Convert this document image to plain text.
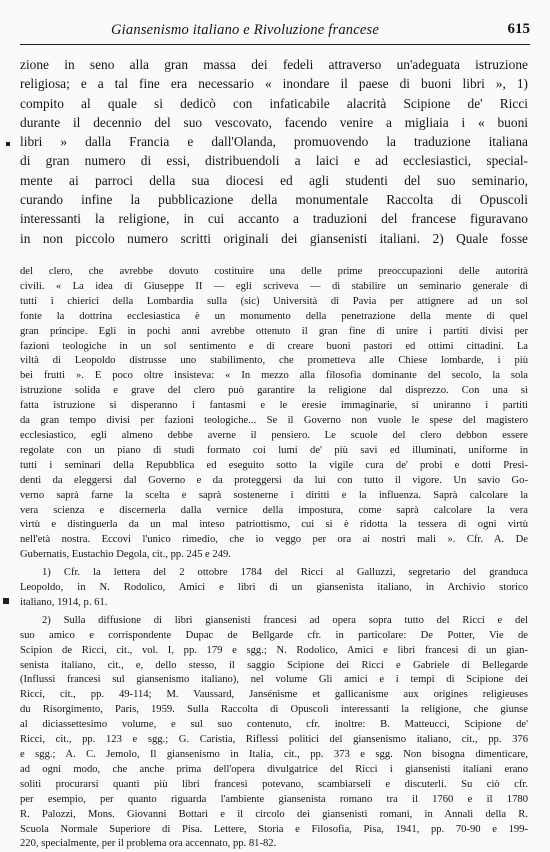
Giansenismo italiano e Rivoluzione francese	615
zione in seno alla gran massa dei fedeli attraverso un'adeguata istruzione
religiosa; e a tal fine era necessario « inondare il paese di buoni libri », 1)
compito al quale si dedicò con infaticabile alacrità Scipione de' Ricci
durante il decennio del suo vescovato, facendo venire a migliaia i « buoni
libri » dalla Francia e dall'Olanda, promuovendo la traduzione italiana
di gran numero di essi, distribuendoli a laici e ad ecclesiastici, special-
mente ai parroci della sua diocesi ed agli studenti del suo seminario,
curando infine la pubblicazione della monumentale Raccolta di Opuscoli
interessanti la religione, in cui accanto a traduzioni del francese figuravano
in non piccolo numero scritti originali dei giansenisti italiani. 2) Quale fosse
del clero, che avrebbe dovuto costituire una delle prime preoccupazioni delle autorità
civili. « La idea di Giuseppe II — egli scriveva — di stabilire un seminario generale di
tutti i chierici della Lombardia sulla (sic) Università di Pavia per attignere ad un sol
fonte la dottrina ecclesiastica è un monumento della penetrazione della mente di quel
gran principe. Egli in pochi anni avrebbe ottenuto il gran fine di unire i partiti divisi per
fazioni teologiche in un sol sentimento e di creare buoni pastori ed ottimi cittadini. La
viltà di Leopoldo distrusse uno stabilimento, che prometteva alle Chiese lombarde, i più
bei frutti ». E poco oltre insisteva: « In mezzo alla filosofia dominante del secolo, la sola
istruzione solida e grave del clero può garantire la religione dal disprezzo. Con una sì
fatta istruzione si disperanno i fantasmi e le eresie immaginarie, si uniranno i partiti
da gran tempo divisi per fazioni teologiche... Se il Governo non vuole le spese del magistero
ecclesiastico, egli almeno debbe averne il pensiero. Le scuole del clero debbon essere
regolate con un piano di studi formato coi lumi de' più savi ed illuminati, uniforme in
tutti i seminari della Repubblica ed eseguito sotto la vigile cura de' probi e dotti Presi-
denti da eleggersi dal Governo e da proteggersi da lui con tutto il vigore. Un savio Go-
verno saprà farne la scelta e saprà sostenerne i diritti e la influenza. Saprà calcolare la
vera scienza e discernerla dalla vernice della impostura, come saprà calcolare la vera
virtù e distinguerla da un mal inteso patriottismo, cui si è ridotta la tessera di ogni virtù
nell'età nostra. Eccovi l'unico rimedio, che io veggo per ora ai nostri mali ». Cfr. A. De
Gubernatis, Eustachio Degola, cit., pp. 245 e 249.
1) Cfr. la lettera del 2 ottobre 1784 del Ricci al Galluzzi, segretario del granduca
Leopoldo, in N. Rodolico, Amici e libri di un giansenista italiano, in Archivio storico
italiano, 1914, p. 61.
2) Sulla diffusione di libri giansenisti francesi ad opera sopra tutto del Ricci e del
suo amico e corrispondente Dupac de Bellgarde cfr. in particolare: De Potter, Vie de
Scipion de Ricci, cit., vol. I, pp. 179 e sgg.; N. Rodolico, Amici e libri francesi di un gian-
senista italiano, cit., e, dello stesso, il saggio Scipione dei Ricci e Gabriele di Bellegarde
(Influssi francesi sul giansenismo italiano), nel volume Gli amici e i tempi di Scipione dei
Ricci, cit., pp. 49-114; M. Vaussard, Jansénisme et gallicanisme aux origines religieuses
du Risorgimento, Paris, 1959. Sulla Raccolta di Opuscoli interessanti la religione, che giunse
al diciassettesimo volume, e sul suo contenuto, cfr. inoltre: B. Matteucci, Scipione de'
Ricci, cit., pp. 123 e sgg.; G. Caristia, Riflessi politici del giansenismo italiano, cit., pp. 376
e sgg.; A. C. Jemolo, Il giansenismo in Italia, cit., pp. 373 e sgg. Non bisogna dimenticare,
ad ogni modo, che anche prima dell'opera divulgatrice del Ricci i giansenisti italiani erano
soliti procurarsi quanti più libri francesi potevano, scambiarseli e discuterli. Su ciò cfr.
per esempio, per quanto riguarda l'ambiente giansenista romano tra il 1760 e il 1780
R. Palozzi, Mons. Giovanni Bottari e il circolo dei giansenisti romani, in Annali della R.
Scuola Normale Superiore di Pisa. Lettere, Storia e Filosofia, Pisa, 1941, pp. 70-90 e 199-
220, specialmente, per il problema ora accennato, pp. 81-82.
